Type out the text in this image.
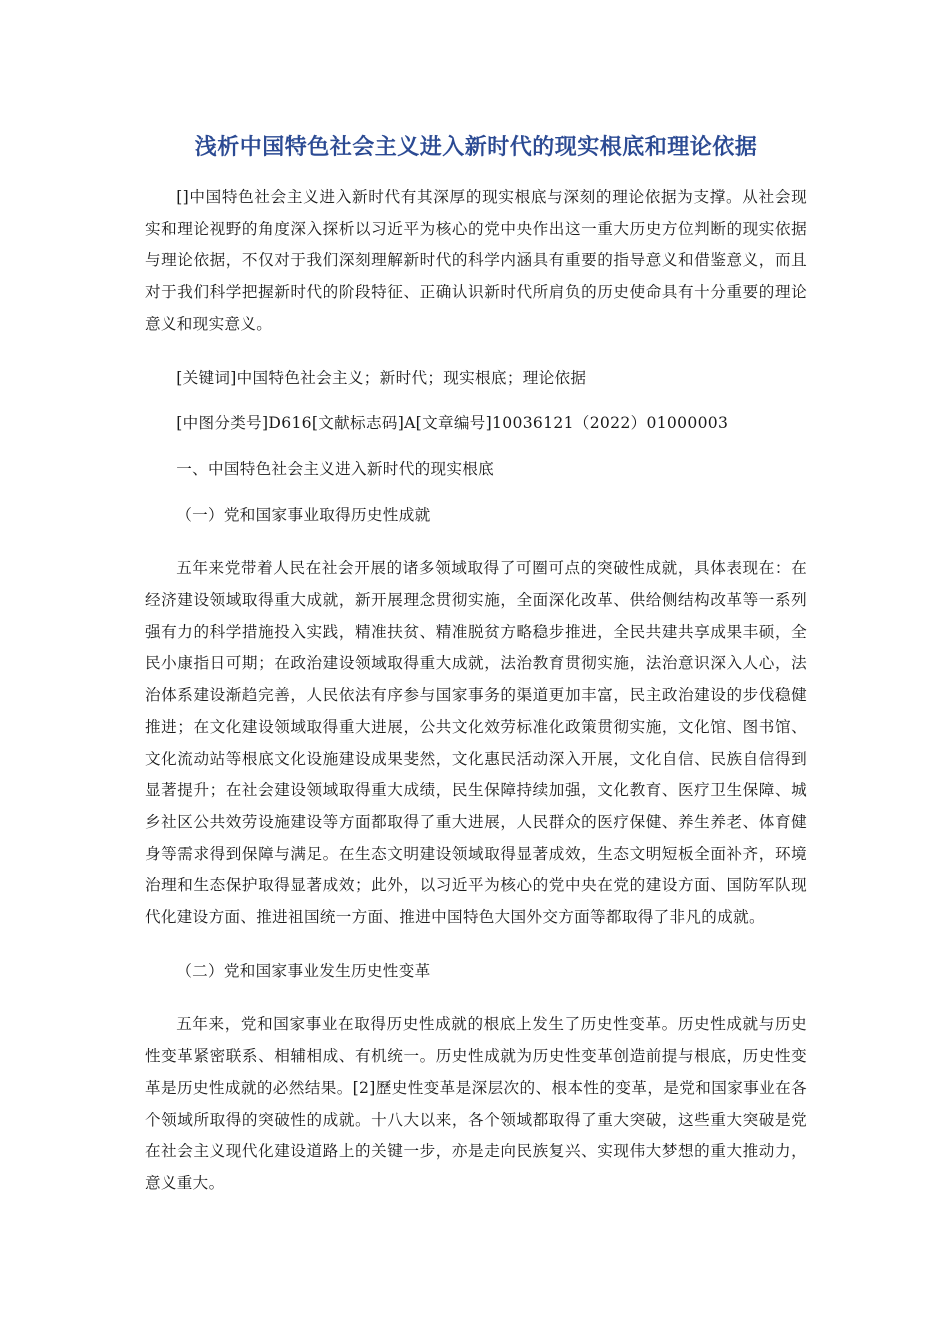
浅析中国特色社会主义进入新时代的现实根底和理论依据

[]中国特色社会主义进入新时代有其深厚的现实根底与深刻的理论依据为支撑。从社会现实和理论视野的角度深入探析以习近平为核心的党中央作出这一重大历史方位判断的现实依据与理论依据，不仅对于我们深刻理解新时代的科学内涵具有重要的指导意义和借鉴意义，而且对于我们科学把握新时代的阶段特征、正确认识新时代所肩负的历史使命具有十分重要的理论意义和现实意义。

[关键词]中国特色社会主义；新时代；现实根底；理论依据

[中图分类号]D616[文献标志码]A[文章编号]10036121（2022）01000003

一、中国特色社会主义进入新时代的现实根底

（一）党和国家事业取得历史性成就

五年来党带着人民在社会开展的诸多领域取得了可圈可点的突破性成就，具体表现在：在经济建设领域取得重大成就，新开展理念贯彻实施，全面深化改革、供给侧结构改革等一系列强有力的科学措施投入实践，精准扶贫、精准脱贫方略稳步推进，全民共建共享成果丰硕，全民小康指日可期；在政治建设领域取得重大成就，法治教育贯彻实施，法治意识深入人心，法治体系建设渐趋完善，人民依法有序参与国家事务的渠道更加丰富，民主政治建设的步伐稳健推进；在文化建设领域取得重大进展，公共文化效劳标准化政策贯彻实施，文化馆、图书馆、文化流动站等根底文化设施建设成果斐然，文化惠民活动深入开展，文化自信、民族自信得到显著提升；在社会建设领域取得重大成绩，民生保障持续加强，文化教育、医疗卫生保障、城乡社区公共效劳设施建设等方面都取得了重大进展，人民群众的医疗保健、养生养老、体育健身等需求得到保障与满足。在生态文明建设领域取得显著成效，生态文明短板全面补齐，环境治理和生态保护取得显著成效；此外，以习近平为核心的党中央在党的建设方面、国防军队现代化建设方面、推进祖国统一方面、推进中国特色大国外交方面等都取得了非凡的成就。

（二）党和国家事业发生历史性变革

五年来，党和国家事业在取得历史性成就的根底上发生了历史性变革。历史性成就与历史性变革紧密联系、相辅相成、有机统一。历史性成就为历史性变革创造前提与根底，历史性变革是历史性成就的必然结果。[2]歷史性变革是深层次的、根本性的变革，是党和国家事业在各个领域所取得的突破性的成就。十八大以来，各个领域都取得了重大突破，这些重大突破是党在社会主义现代化建设道路上的关键一步，亦是走向民族复兴、实现伟大梦想的重大推动力，意义重大。
